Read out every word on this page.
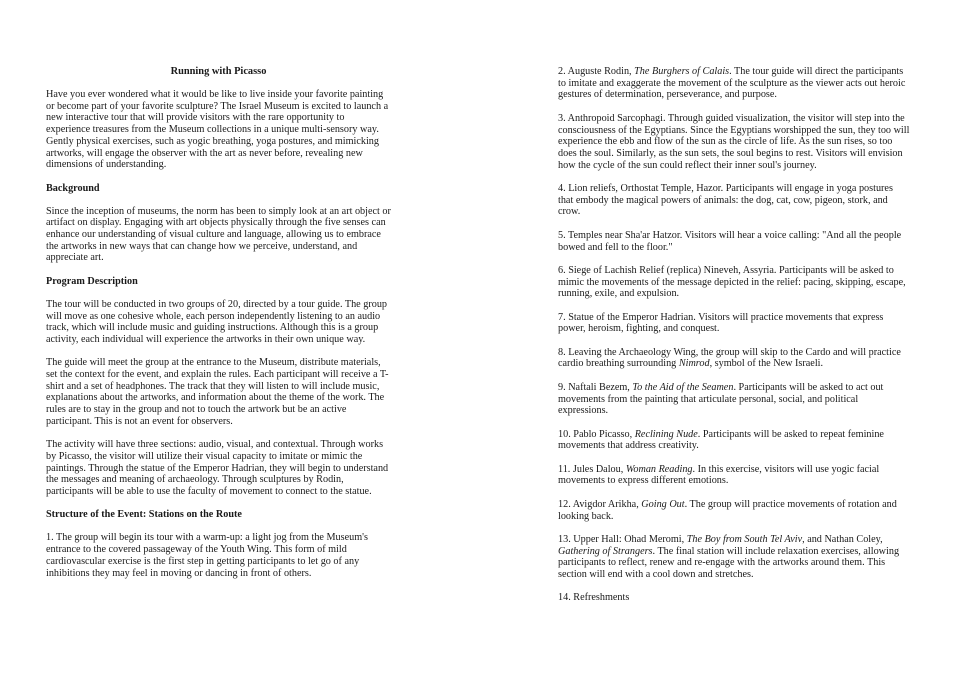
Running with Picasso

Have you ever wondered what it would be like to live inside your favorite painting or become part of your favorite sculpture? The Israel Museum is excited to launch a new interactive tour that will provide visitors with the rare opportunity to experience treasures from the Museum collections in a unique multi-sensory way. Gently physical exercises, such as yogic breathing, yoga postures, and mimicking artworks, will engage the observer with the art as never before, revealing new dimensions of understanding.

Background

Since the inception of museums, the norm has been to simply look at an art object or artifact on display. Engaging with art objects physically through the five senses can enhance our understanding of visual culture and language, allowing us to embrace the artworks in new ways that can change how we perceive, understand, and appreciate art.

Program Description

The tour will be conducted in two groups of 20, directed by a tour guide. The group will move as one cohesive whole, each person independently listening to an audio track, which will include music and guiding instructions. Although this is a group activity, each individual will experience the artworks in their own unique way.

The guide will meet the group at the entrance to the Museum, distribute materials, set the context for the event, and explain the rules. Each participant will receive a T-shirt and a set of headphones. The track that they will listen to will include music, explanations about the artworks, and information about the theme of the work. The rules are to stay in the group and not to touch the artwork but be an active participant. This is not an event for observers.

The activity will have three sections: audio, visual, and contextual. Through works by Picasso, the visitor will utilize their visual capacity to imitate or mimic the paintings. Through the statue of the Emperor Hadrian, they will begin to understand the messages and meaning of archaeology. Through sculptures by Rodin, participants will be able to use the faculty of movement to connect to the statue.

Structure of the Event: Stations on the Route

1. The group will begin its tour with a warm-up: a light jog from the Museum's entrance to the covered passageway of the Youth Wing. This form of mild cardiovascular exercise is the first step in getting participants to let go of any inhibitions they may feel in moving or dancing in front of others.

2. Auguste Rodin, The Burghers of Calais. The tour guide will direct the participants to imitate and exaggerate the movement of the sculpture as the viewer acts out heroic gestures of determination, perseverance, and purpose.

3. Anthropoid Sarcophagi. Through guided visualization, the visitor will step into the consciousness of the Egyptians. Since the Egyptians worshipped the sun, they too will experience the ebb and flow of the sun as the circle of life. As the sun rises, so too does the soul. Similarly, as the sun sets, the soul begins to rest. Visitors will envision how the cycle of the sun could reflect their inner soul's journey.

4. Lion reliefs, Orthostat Temple, Hazor. Participants will engage in yoga postures that embody the magical powers of animals: the dog, cat, cow, pigeon, stork, and crow.

5. Temples near Sha'ar Hatzor. Visitors will hear a voice calling: "And all the people bowed and fell to the floor."

6. Siege of Lachish Relief (replica) Nineveh, Assyria. Participants will be asked to mimic the movements of the message depicted in the relief: pacing, skipping, escape, running, exile, and expulsion.

7. Statue of the Emperor Hadrian. Visitors will practice movements that express power, heroism, fighting, and conquest.

8. Leaving the Archaeology Wing, the group will skip to the Cardo and will practice cardio breathing surrounding Nimrod, symbol of the New Israeli.

9. Naftali Bezem, To the Aid of the Seamen. Participants will be asked to act out movements from the painting that articulate personal, social, and political expressions.

10. Pablo Picasso, Reclining Nude. Participants will be asked to repeat feminine movements that address creativity.

11. Jules Dalou, Woman Reading. In this exercise, visitors will use yogic facial movements to express different emotions.

12. Avigdor Arikha, Going Out. The group will practice movements of rotation and looking back.

13. Upper Hall: Ohad Meromi, The Boy from South Tel Aviv, and Nathan Coley, Gathering of Strangers. The final station will include relaxation exercises, allowing participants to reflect, renew and re-engage with the artworks around them. This section will end with a cool down and stretches.

14. Refreshments
